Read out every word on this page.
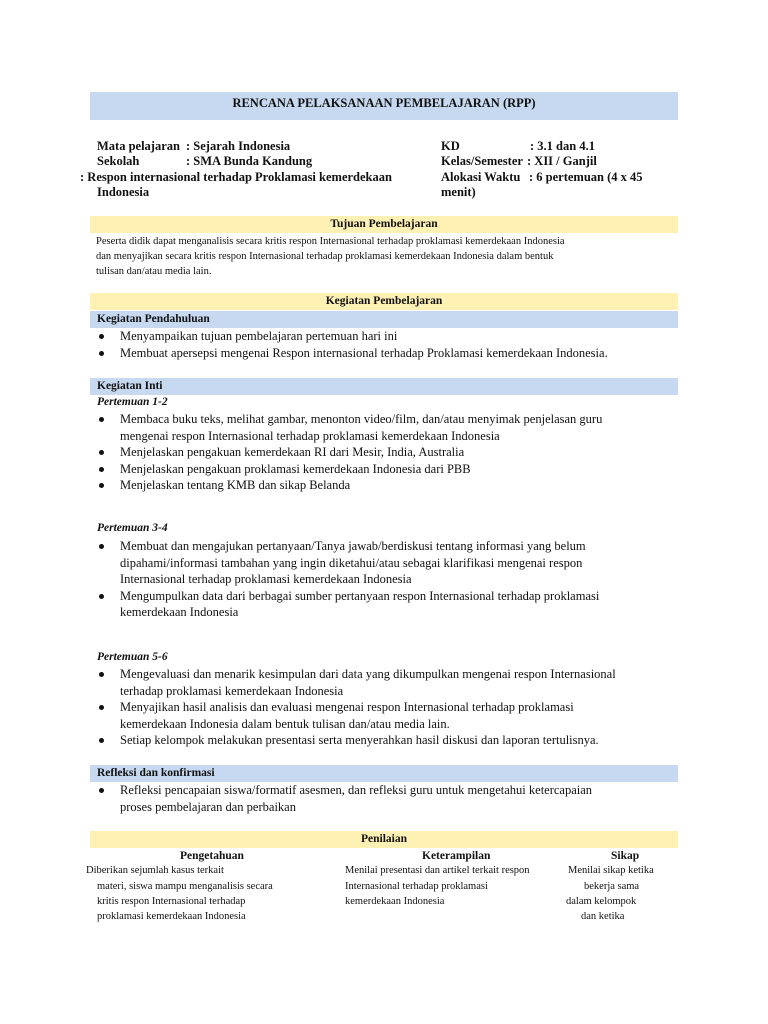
RENCANA PELAKSANAAN PEMBELAJARAN (RPP)
Mata pelajaran : Sejarah Indonesia
Sekolah	: SMA Bunda Kandung
: Respon internasional terhadap Proklamasi kemerdekaan
Indonesia
KD	: 3.1 dan 4.1
Kelas/Semester : XII / Ganjil
Alokasi Waktu : 6 pertemuan (4 x 45
menit)
Tujuan Pembelajaran
Peserta didik dapat menganalisis secara kritis respon Internasional terhadap proklamasi kemerdekaan Indonesia
dan menyajikan secara kritis respon Internasional terhadap proklamasi kemerdekaan Indonesia dalam bentuk
tulisan dan/atau media lain.
Kegiatan Pembelajaran
Kegiatan Pendahuluan
Menyampaikan tujuan pembelajaran pertemuan hari ini
Membuat apersepsi mengenai Respon internasional terhadap Proklamasi kemerdekaan Indonesia.
Kegiatan Inti
Pertemuan 1-2
Membaca buku teks, melihat gambar, menonton video/film, dan/atau menyimak penjelasan guru
mengenai respon Internasional terhadap proklamasi kemerdekaan Indonesia
Menjelaskan pengakuan kemerdekaan RI dari Mesir, India, Australia
Menjelaskan pengakuan proklamasi kemerdekaan Indonesia dari PBB
Menjelaskan tentang KMB dan sikap Belanda
Pertemuan 3-4
Membuat dan mengajukan pertanyaan/Tanya jawab/berdiskusi tentang informasi yang belum
dipahami/informasi tambahan yang ingin diketahui/atau sebagai klarifikasi mengenai respon
Internasional terhadap proklamasi kemerdekaan Indonesia
Mengumpulkan data dari berbagai sumber pertanyaan respon Internasional terhadap proklamasi
kemerdekaan Indonesia
Pertemuan 5-6
Mengevaluasi dan menarik kesimpulan dari data yang dikumpulkan mengenai respon Internasional
terhadap proklamasi kemerdekaan Indonesia
Menyajikan hasil analisis dan evaluasi mengenai respon Internasional terhadap proklamasi
kemerdekaan Indonesia dalam bentuk tulisan dan/atau media lain.
Setiap kelompok melakukan presentasi serta menyerahkan hasil diskusi dan laporan tertulisnya.
Refleksi dan konfirmasi
Refleksi pencapaian siswa/formatif asesmen, dan refleksi guru untuk mengetahui ketercapaian
proses pembelajaran dan perbaikan
Penilaian
Pengetahuan
Diberikan sejumlah kasus terkait
materi, siswa mampu menganalisis secara
kritis respon Internasional terhadap
proklamasi kemerdekaan Indonesia
Keterampilan
Menilai presentasi dan artikel terkait respon
Internasional terhadap proklamasi
kemerdekaan Indonesia
Sikap
Menilai sikap ketika
bekerja sama
dalam kelompok
dan ketika
